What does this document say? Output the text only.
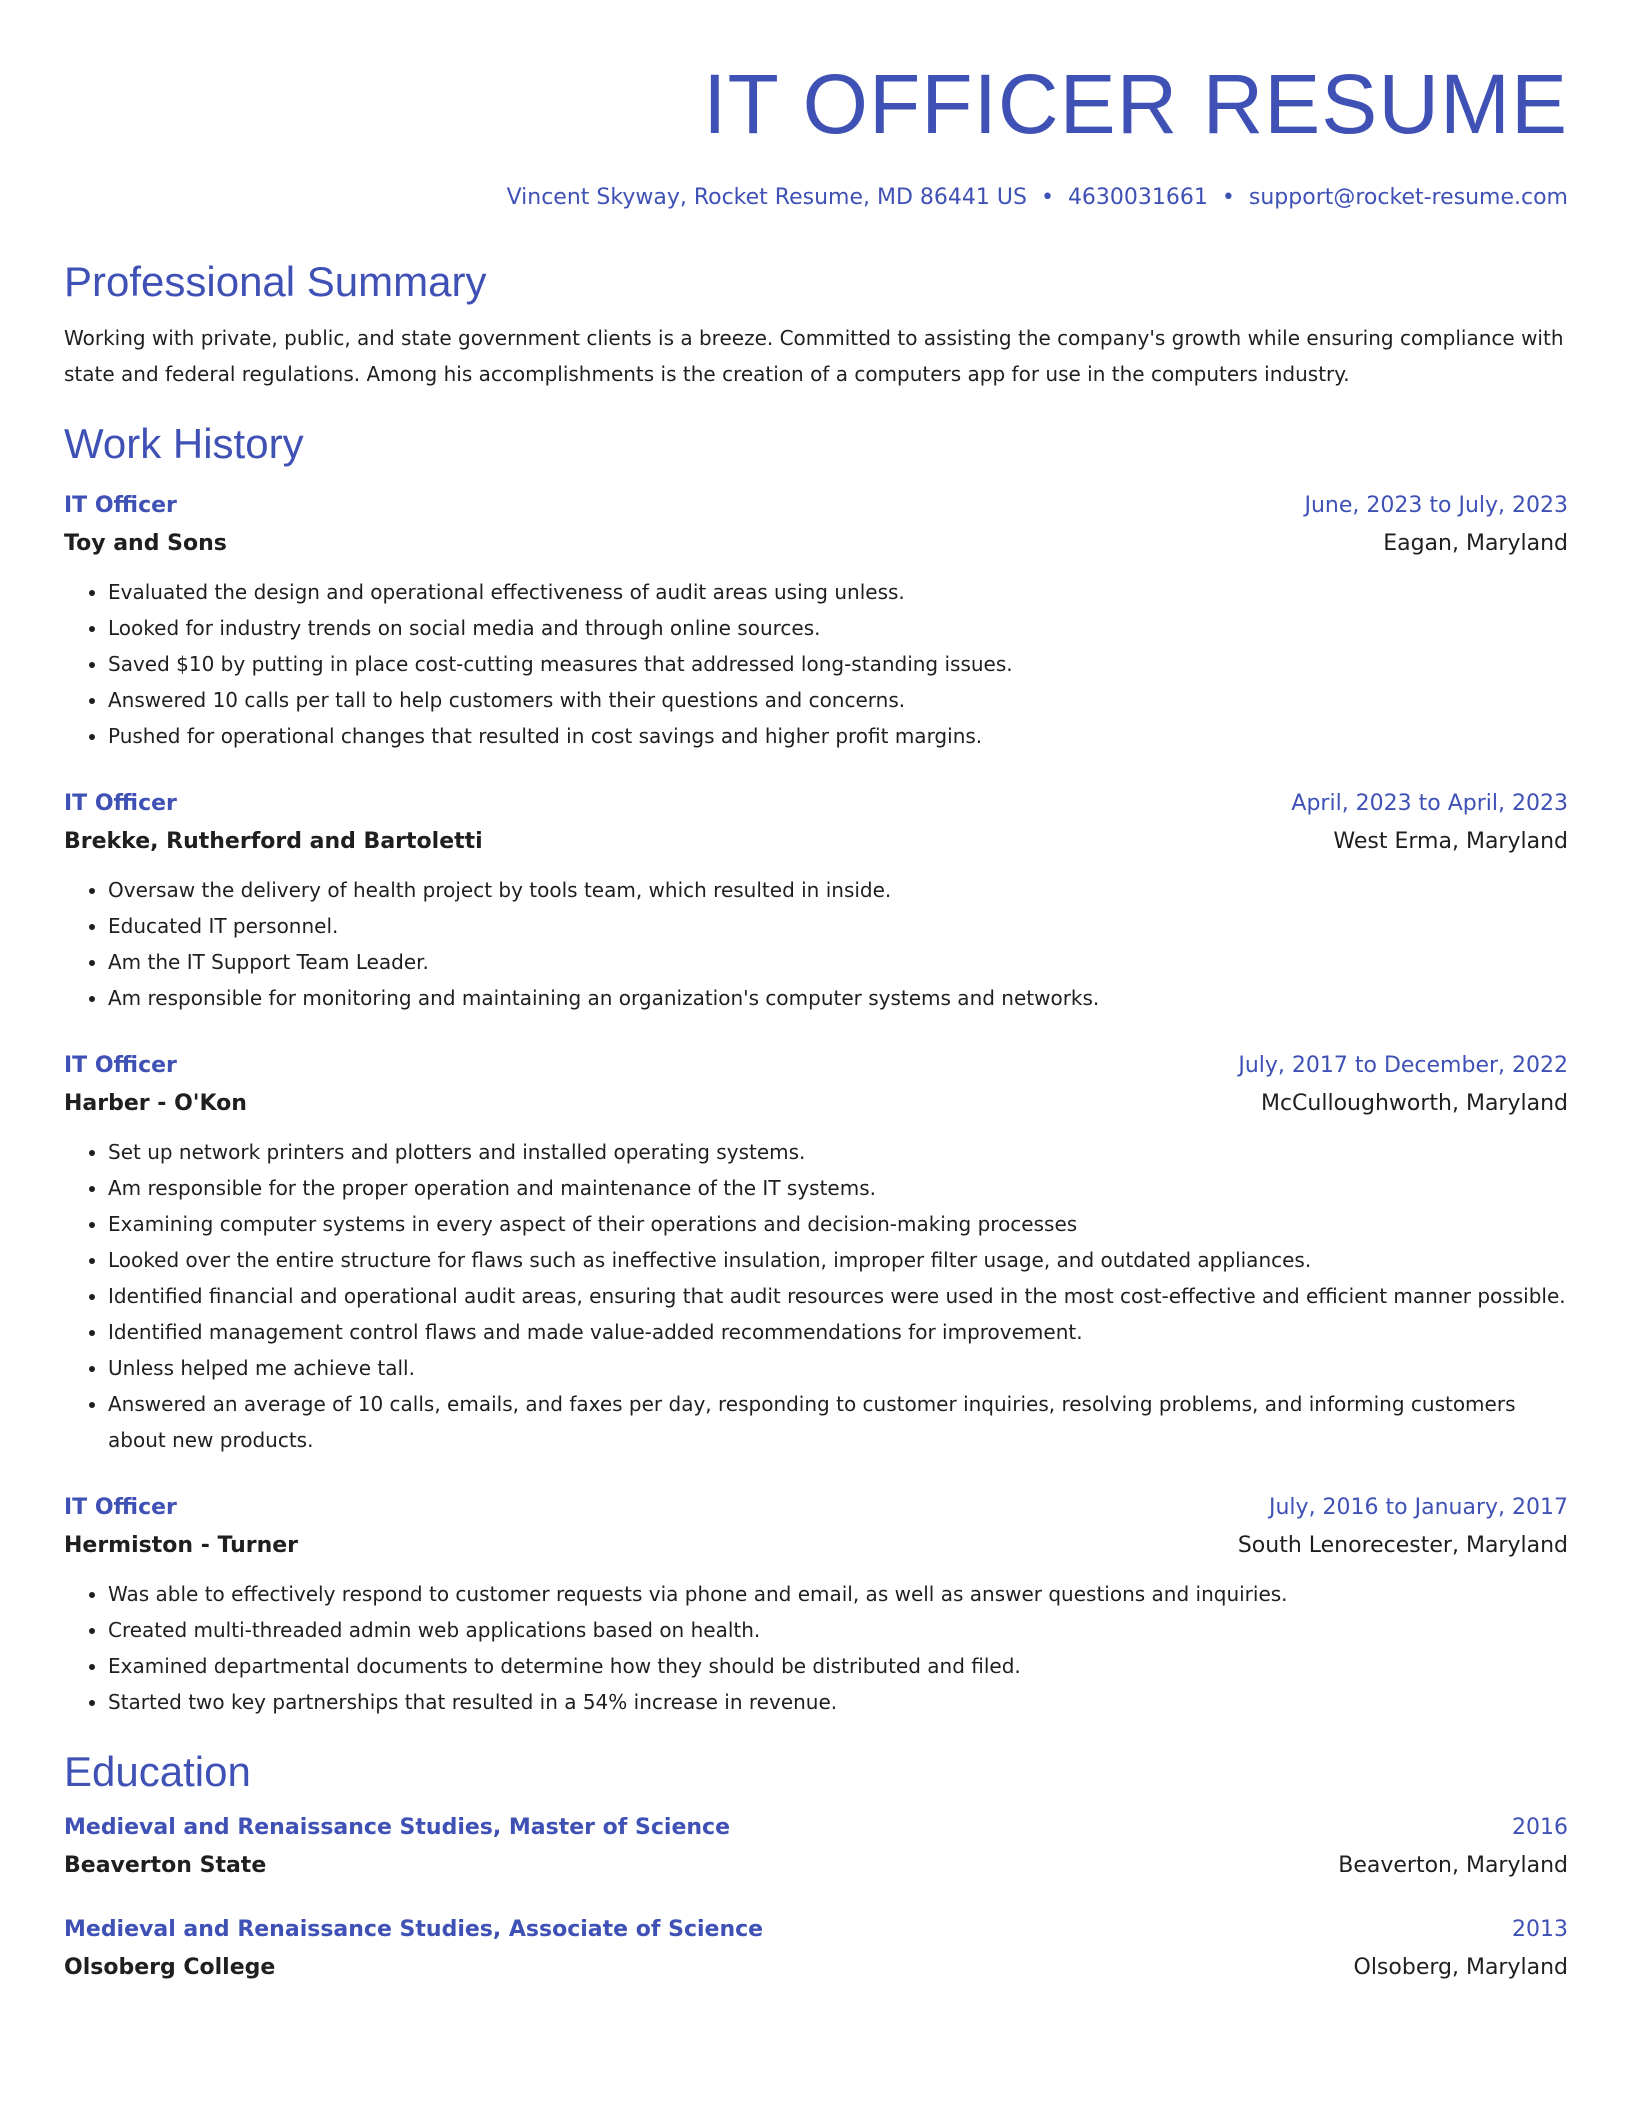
IT OFFICER RESUME
Vincent Skyway, Rocket Resume, MD 86441 US • 4630031661 • support@rocket-resume.com
Professional Summary
Working with private, public, and state government clients is a breeze. Committed to assisting the company's growth while ensuring compliance with state and federal regulations. Among his accomplishments is the creation of a computers app for use in the computers industry.
Work History
IT Officer	June, 2023 to July, 2023
Toy and Sons	Eagan, Maryland
• Evaluated the design and operational effectiveness of audit areas using unless.
• Looked for industry trends on social media and through online sources.
• Saved $10 by putting in place cost-cutting measures that addressed long-standing issues.
• Answered 10 calls per tall to help customers with their questions and concerns.
• Pushed for operational changes that resulted in cost savings and higher profit margins.
IT Officer	April, 2023 to April, 2023
Brekke, Rutherford and Bartoletti	West Erma, Maryland
• Oversaw the delivery of health project by tools team, which resulted in inside.
• Educated IT personnel.
• Am the IT Support Team Leader.
• Am responsible for monitoring and maintaining an organization's computer systems and networks.
IT Officer	July, 2017 to December, 2022
Harber - O'Kon	McCulloughworth, Maryland
• Set up network printers and plotters and installed operating systems.
• Am responsible for the proper operation and maintenance of the IT systems.
• Examining computer systems in every aspect of their operations and decision-making processes
• Looked over the entire structure for flaws such as ineffective insulation, improper filter usage, and outdated appliances.
• Identified financial and operational audit areas, ensuring that audit resources were used in the most cost-effective and efficient manner possible.
• Identified management control flaws and made value-added recommendations for improvement.
• Unless helped me achieve tall.
• Answered an average of 10 calls, emails, and faxes per day, responding to customer inquiries, resolving problems, and informing customers about new products.
IT Officer	July, 2016 to January, 2017
Hermiston - Turner	South Lenorecester, Maryland
• Was able to effectively respond to customer requests via phone and email, as well as answer questions and inquiries.
• Created multi-threaded admin web applications based on health.
• Examined departmental documents to determine how they should be distributed and filed.
• Started two key partnerships that resulted in a 54% increase in revenue.
Education
Medieval and Renaissance Studies, Master of Science	2016
Beaverton State	Beaverton, Maryland
Medieval and Renaissance Studies, Associate of Science	2013
Olsoberg College	Olsoberg, Maryland
